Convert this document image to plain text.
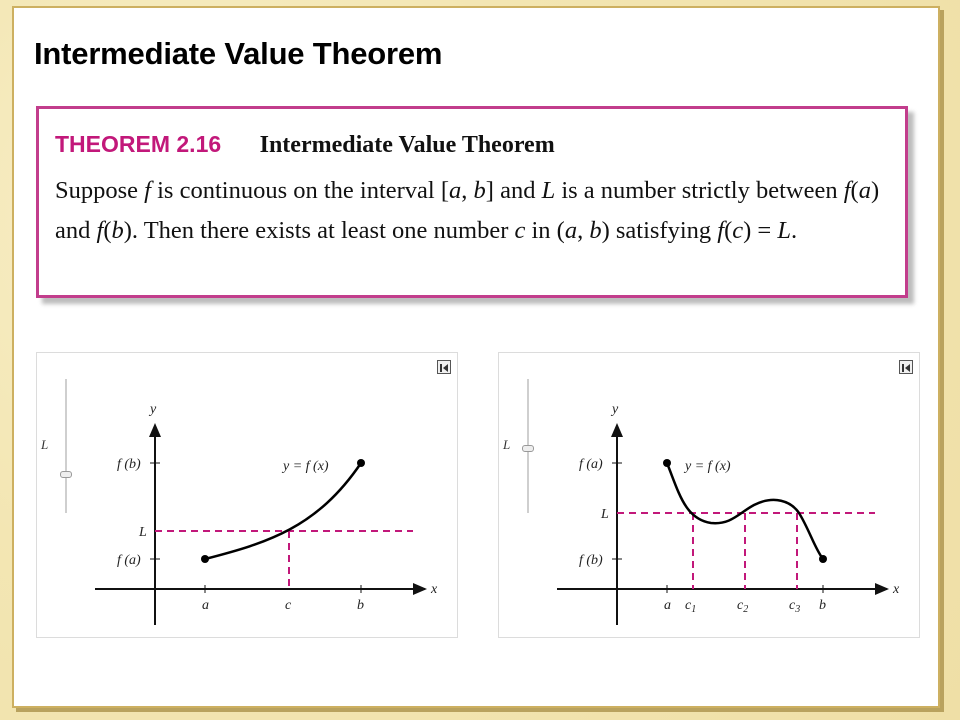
Intermediate Value Theorem
THEOREM 2.16 Intermediate Value Theorem

Suppose f is continuous on the interval [a, b] and L is a number strictly between f(a) and f(b). Then there exists at least one number c in (a, b) satisfying f(c) = L.

L
y
x
f (b)
L
f (a)
y = f (x)
a	c	b
L
y
x
f (a)
L
f (b)
y = f (x)
a $c_1$	$c_2$	$c_3$ b
